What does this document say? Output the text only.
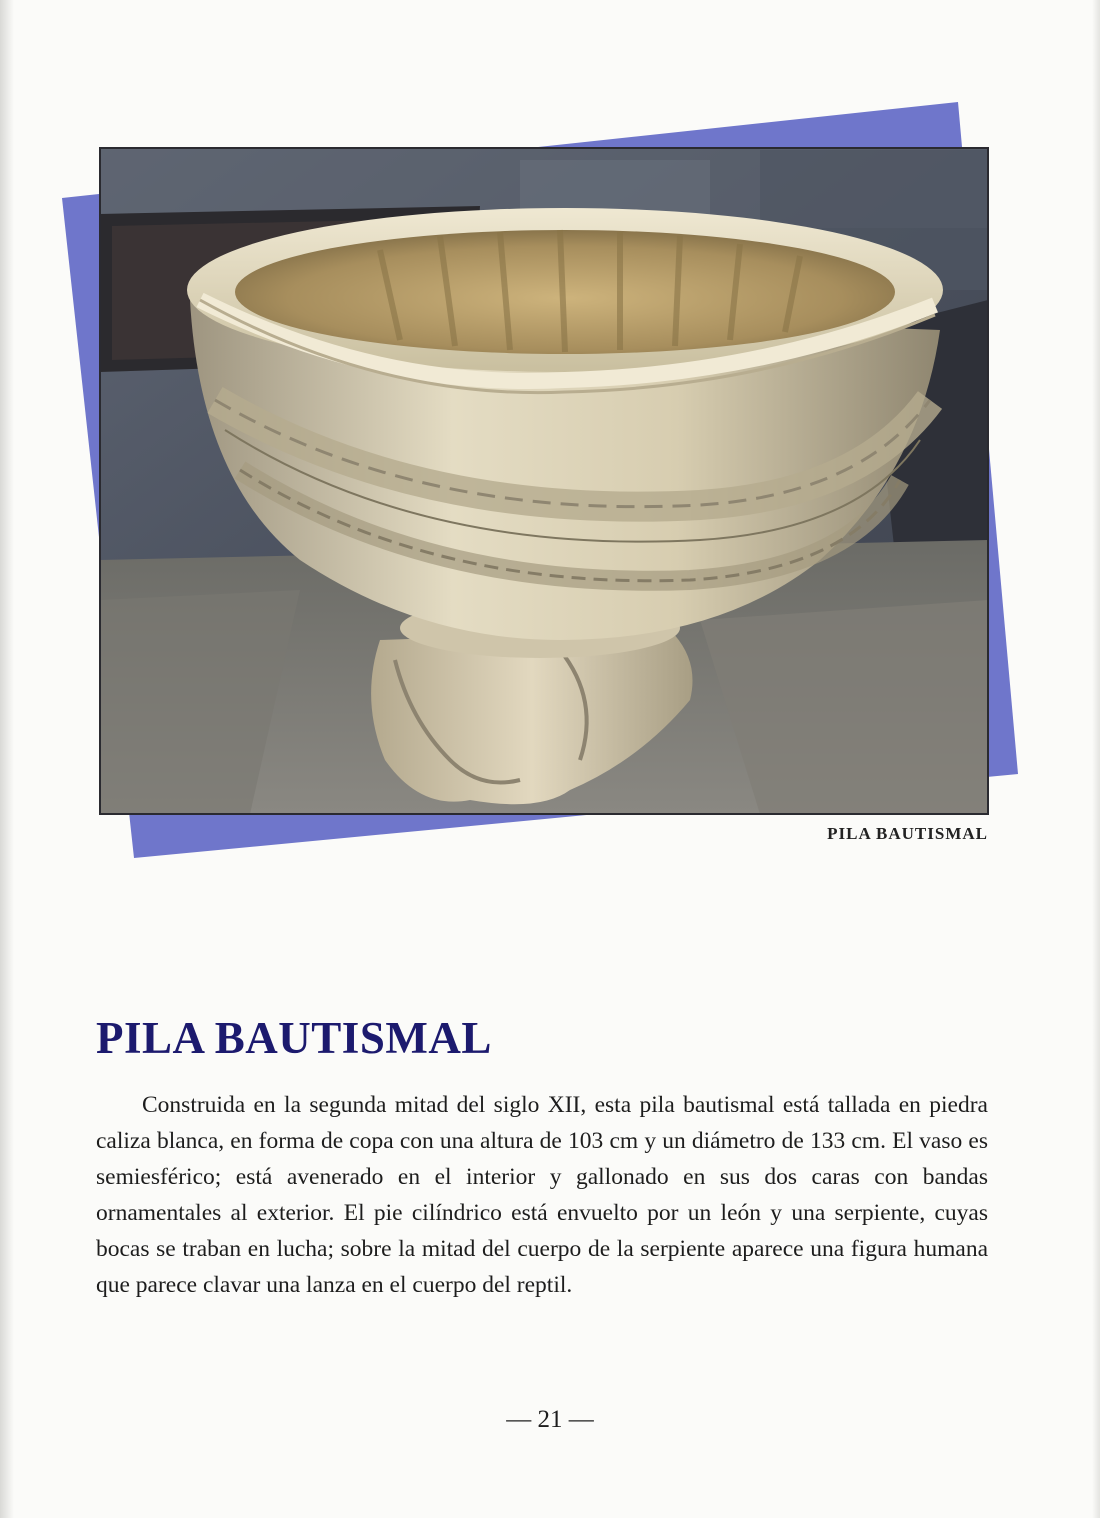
PILA BAUTISMAL
PILA BAUTISMAL

Construida en la segunda mitad del siglo XII, esta pila bautismal está tallada en piedra caliza blanca, en forma de copa con una altura de 103 cm y un diámetro de 133 cm. El vaso es semiesférico; está avenerado en el interior y gallonado en sus dos caras con bandas ornamentales al exterior. El pie cilíndrico está envuelto por un león y una serpiente, cuyas bocas se traban en lucha; sobre la mitad del cuerpo de la serpiente aparece una figura humana que parece clavar una lanza en el cuerpo del reptil.

— 21 —
